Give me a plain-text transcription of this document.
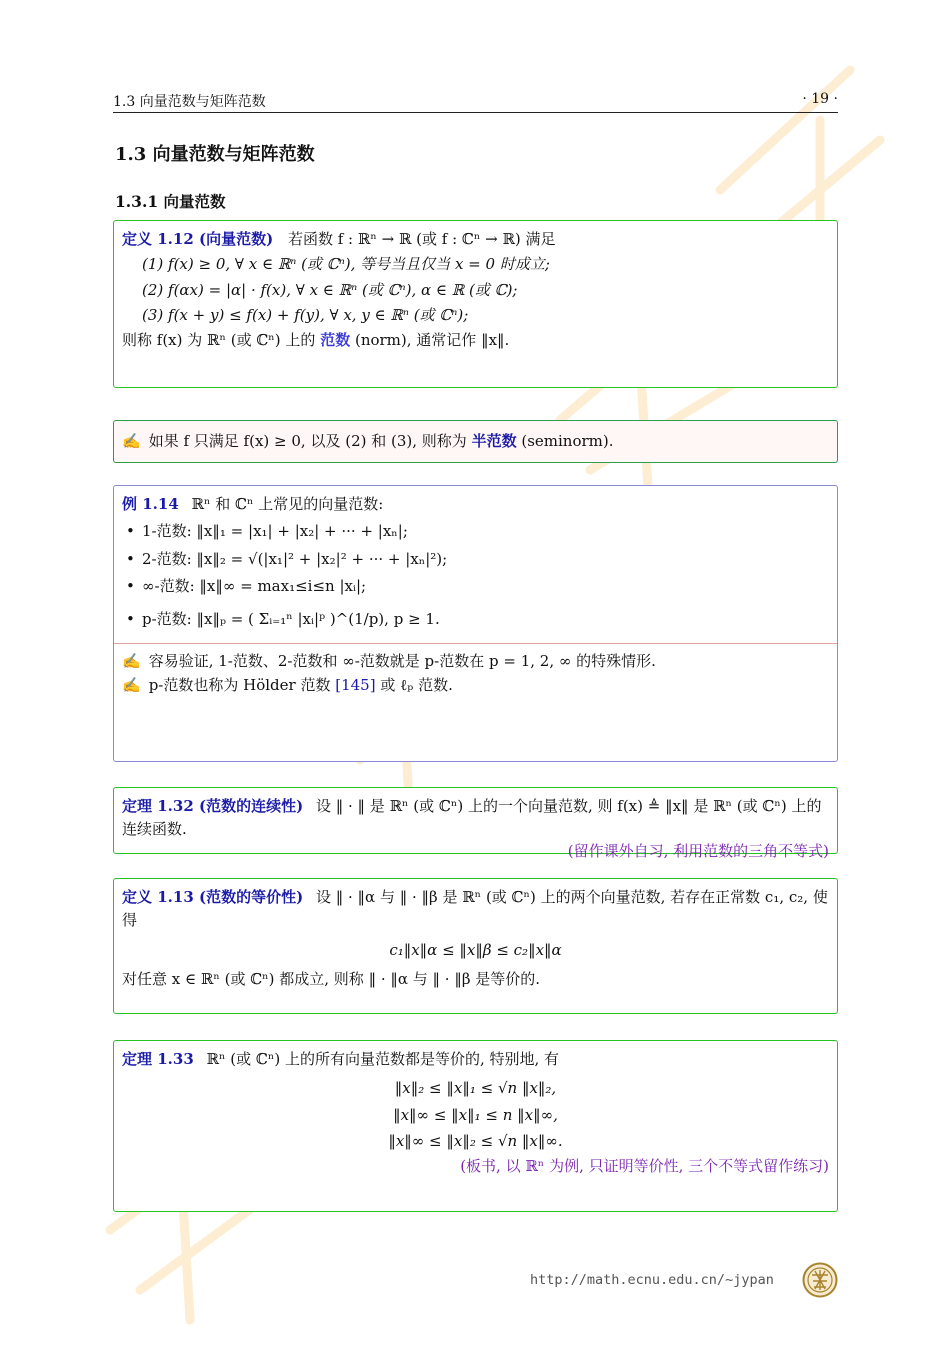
1.3 向量范数与矩阵范数	· 19 ·
1.3 向量范数与矩阵范数
1.3.1 向量范数
定义 1.12 (向量范数) 若函数 f : ℝⁿ → ℝ (或 f : ℂⁿ → ℝ) 满足
(1) f(x) ≥ 0, ∀ x ∈ ℝⁿ (或 ℂⁿ), 等号当且仅当 x = 0 时成立;
(2) f(αx) = |α| · f(x), ∀ x ∈ ℝⁿ (或 ℂⁿ), α ∈ ℝ (或 ℂ);
(3) f(x + y) ≤ f(x) + f(y), ∀ x, y ∈ ℝⁿ (或 ℂⁿ);
则称 f(x) 为 ℝⁿ (或 ℂⁿ) 上的 范数 (norm), 通常记作 ‖x‖.
✍ 如果 f 只满足 f(x) ≥ 0, 以及 (2) 和 (3), 则称为 半范数 (seminorm).
例 1.14 ℝⁿ 和 ℂⁿ 上常见的向量范数:
• 1-范数: ‖x‖₁ = |x₁| + |x₂| + ··· + |xₙ|;
• 2-范数: ‖x‖₂ = √(|x₁|² + |x₂|² + ··· + |xₙ|²);
• ∞-范数: ‖x‖∞ = max₁≤i≤n |xᵢ|;
• p-范数: ‖x‖ₚ = ( Σᵢ₌₁ⁿ |xᵢ|ᵖ )^(1/p), p ≥ 1.
✍ 容易验证, 1-范数、2-范数和 ∞-范数就是 p-范数在 p = 1, 2, ∞ 的特殊情形.
✍ p-范数也称为 Hölder 范数 [145] 或 ℓₚ 范数.
定理 1.32 (范数的连续性) 设 ‖ · ‖ 是 ℝⁿ (或 ℂⁿ) 上的一个向量范数, 则 f(x) ≜ ‖x‖ 是 ℝⁿ (或 ℂⁿ) 上的连续函数.
(留作课外自习, 利用范数的三角不等式)
定义 1.13 (范数的等价性) 设 ‖ · ‖α 与 ‖ · ‖β 是 ℝⁿ (或 ℂⁿ) 上的两个向量范数, 若存在正常数 c₁, c₂, 使得
c₁‖x‖α ≤ ‖x‖β ≤ c₂‖x‖α
对任意 x ∈ ℝⁿ (或 ℂⁿ) 都成立, 则称 ‖ · ‖α 与 ‖ · ‖β 是等价的.
定理 1.33 ℝⁿ (或 ℂⁿ) 上的所有向量范数都是等价的, 特别地, 有
‖x‖₂ ≤ ‖x‖₁ ≤ √n ‖x‖₂,
‖x‖∞ ≤ ‖x‖₁ ≤ n ‖x‖∞,
‖x‖∞ ≤ ‖x‖₂ ≤ √n ‖x‖∞.
(板书, 以 ℝⁿ 为例, 只证明等价性, 三个不等式留作练习)
http://math.ecnu.edu.cn/~jypan
